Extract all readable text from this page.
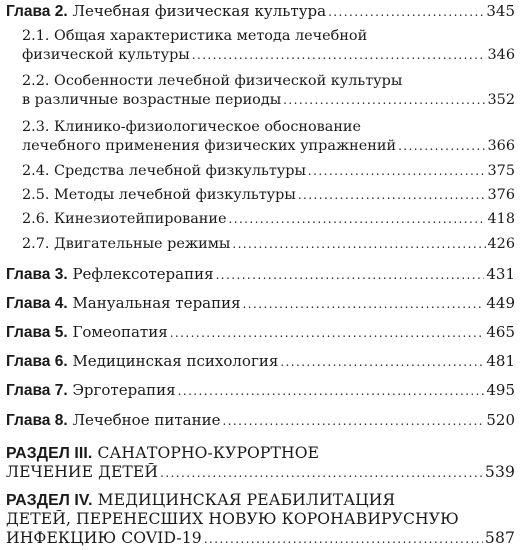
Глава 2. Лечебная физическая культура . . .	345
2.1. Общая характеристика метода лечебной
физической культуры . . .	346
2.2. Особенности лечебной физической культуры
в различные возрастные периоды . . .	352
2.3. Клинико-физиологическое обоснование
лечебного применения физических упражнений . . .	366
2.4. Средства лечебной физкультуры . . .	375
2.5. Методы лечебной физкультуры . . .	376
2.6. Кинезиотейпирование . . .	418
2.7. Двигательные режимы . . .	426
Глава 3. Рефлексотерапия . . .	431
Глава 4. Мануальная терапия . . .	449
Глава 5. Гомеопатия . . .	465
Глава 6. Медицинская психология . . .	481
Глава 7. Эрготерапия . . .	495
Глава 8. Лечебное питание . . .	520
РАЗДЕЛ III. САНАТОРНО-КУРОРТНОЕ
ЛЕЧЕНИЕ ДЕТЕЙ . . .	539
РАЗДЕЛ IV. МЕДИЦИНСКАЯ РЕАБИЛИТАЦИЯ
ДЕТЕЙ, ПЕРЕНЕСШИХ НОВУЮ КОРОНАВИРУСНУЮ
ИНФЕКЦИЮ COVID-19 . . .	587
